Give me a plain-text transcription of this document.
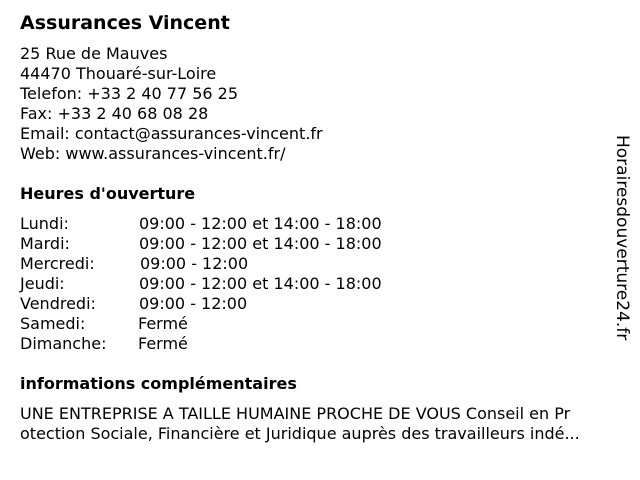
Assurances Vincent
25 Rue de Mauves
44470 Thouaré-sur-Loire
Telefon: +33 2 40 77 56 25
Fax: +33 2 40 68 08 28
Email: contact@assurances-vincent.fr
Web: www.assurances-vincent.fr/
Heures d'ouverture
Lundi:	09:00 - 12:00 et 14:00 - 18:00
Mardi:	09:00 - 12:00 et 14:00 - 18:00
Mercredi:	09:00 - 12:00
Jeudi:	09:00 - 12:00 et 14:00 - 18:00
Vendredi:	09:00 - 12:00
Samedi:	Fermé
Dimanche: Fermé
informations complémentaires
UNE ENTREPRISE A TAILLE HUMAINE PROCHE DE VOUS Conseil en Pr
otection Sociale, Financière et Juridique auprès des travailleurs indé...
Horairesdouverture24.fr
